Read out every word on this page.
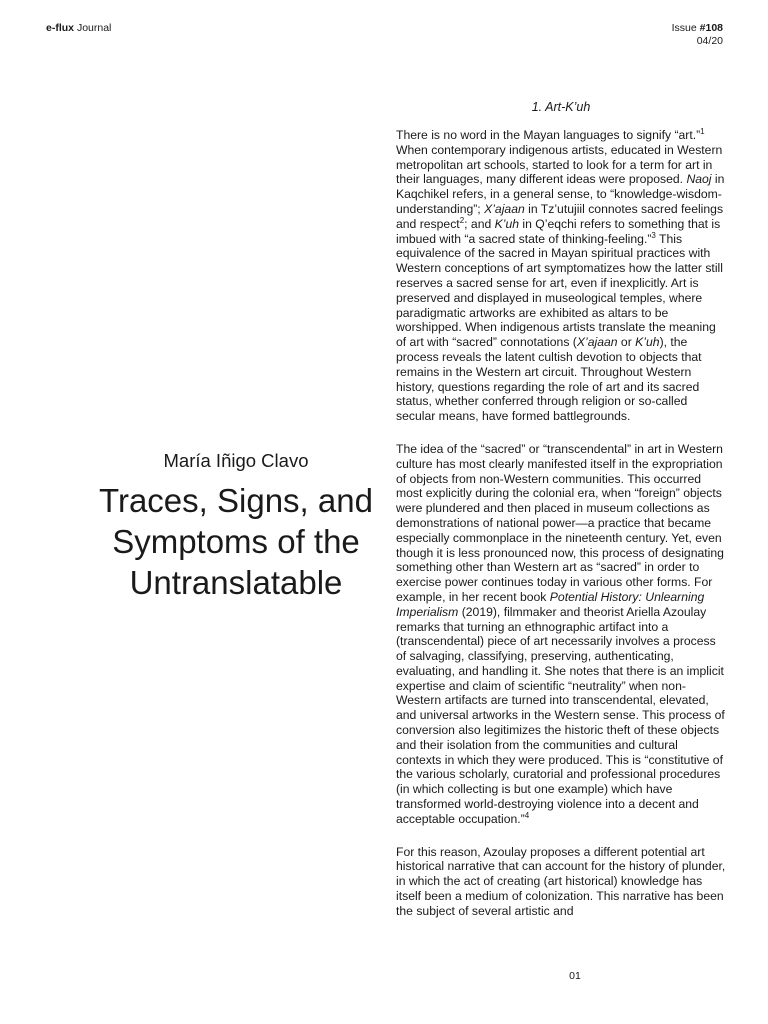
e-flux Journal	Issue #108
04/20
María Iñigo Clavo
Traces, Signs, and
Symptoms of the
Untranslatable
1. Art-K’uh

There is no word in the Mayan languages to signify “art.”$^1$ When contemporary indigenous artists, educated in Western metropolitan art schools, started to look for a term for art in their languages, many different ideas were proposed. Naoj in Kaqchikel refers, in a general sense, to “knowledge-wisdom-understanding”; X’ajaan in Tz’utujiil connotes sacred feelings and respect$^2$; and K’uh in Q’eqchi refers to something that is imbued with “a sacred state of thinking-feeling.”$^3$ This equivalence of the sacred in Mayan spiritual practices with Western conceptions of art symptomatizes how the latter still reserves a sacred sense for art, even if inexplicitly. Art is preserved and displayed in museological temples, where paradigmatic artworks are exhibited as altars to be worshipped. When indigenous artists translate the meaning of art with “sacred” connotations (X’ajaan or K’uh), the process reveals the latent cultish devotion to objects that remains in the Western art circuit. Throughout Western history, questions regarding the role of art and its sacred status, whether conferred through religion or so-called secular means, have formed battlegrounds.

The idea of the “sacred” or “transcendental” in art in Western culture has most clearly manifested itself in the expropriation of objects from non-Western communities. This occurred most explicitly during the colonial era, when “foreign” objects were plundered and then placed in museum collections as demonstrations of national power—a practice that became especially commonplace in the nineteenth century. Yet, even though it is less pronounced now, this process of designating something other than Western art as “sacred” in order to exercise power continues today in various other forms. For example, in her recent book Potential History: Unlearning Imperialism (2019), filmmaker and theorist Ariella Azoulay remarks that turning an ethnographic artifact into a (transcendental) piece of art necessarily involves a process of salvaging, classifying, preserving, authenticating, evaluating, and handling it. She notes that there is an implicit expertise and claim of scientific “neutrality” when non-Western artifacts are turned into transcendental, elevated, and universal artworks in the Western sense. This process of conversion also legitimizes the historic theft of these objects and their isolation from the communities and cultural contexts in which they were produced. This is “constitutive of the various scholarly, curatorial and professional procedures (in which collecting is but one example) which have transformed world-destroying violence into a decent and acceptable occupation.”$^4$

For this reason, Azoulay proposes a different potential art historical narrative that can account for the history of plunder, in which the act of creating (art historical) knowledge has itself been a medium of colonization. This narrative has been the subject of several artistic and

01
